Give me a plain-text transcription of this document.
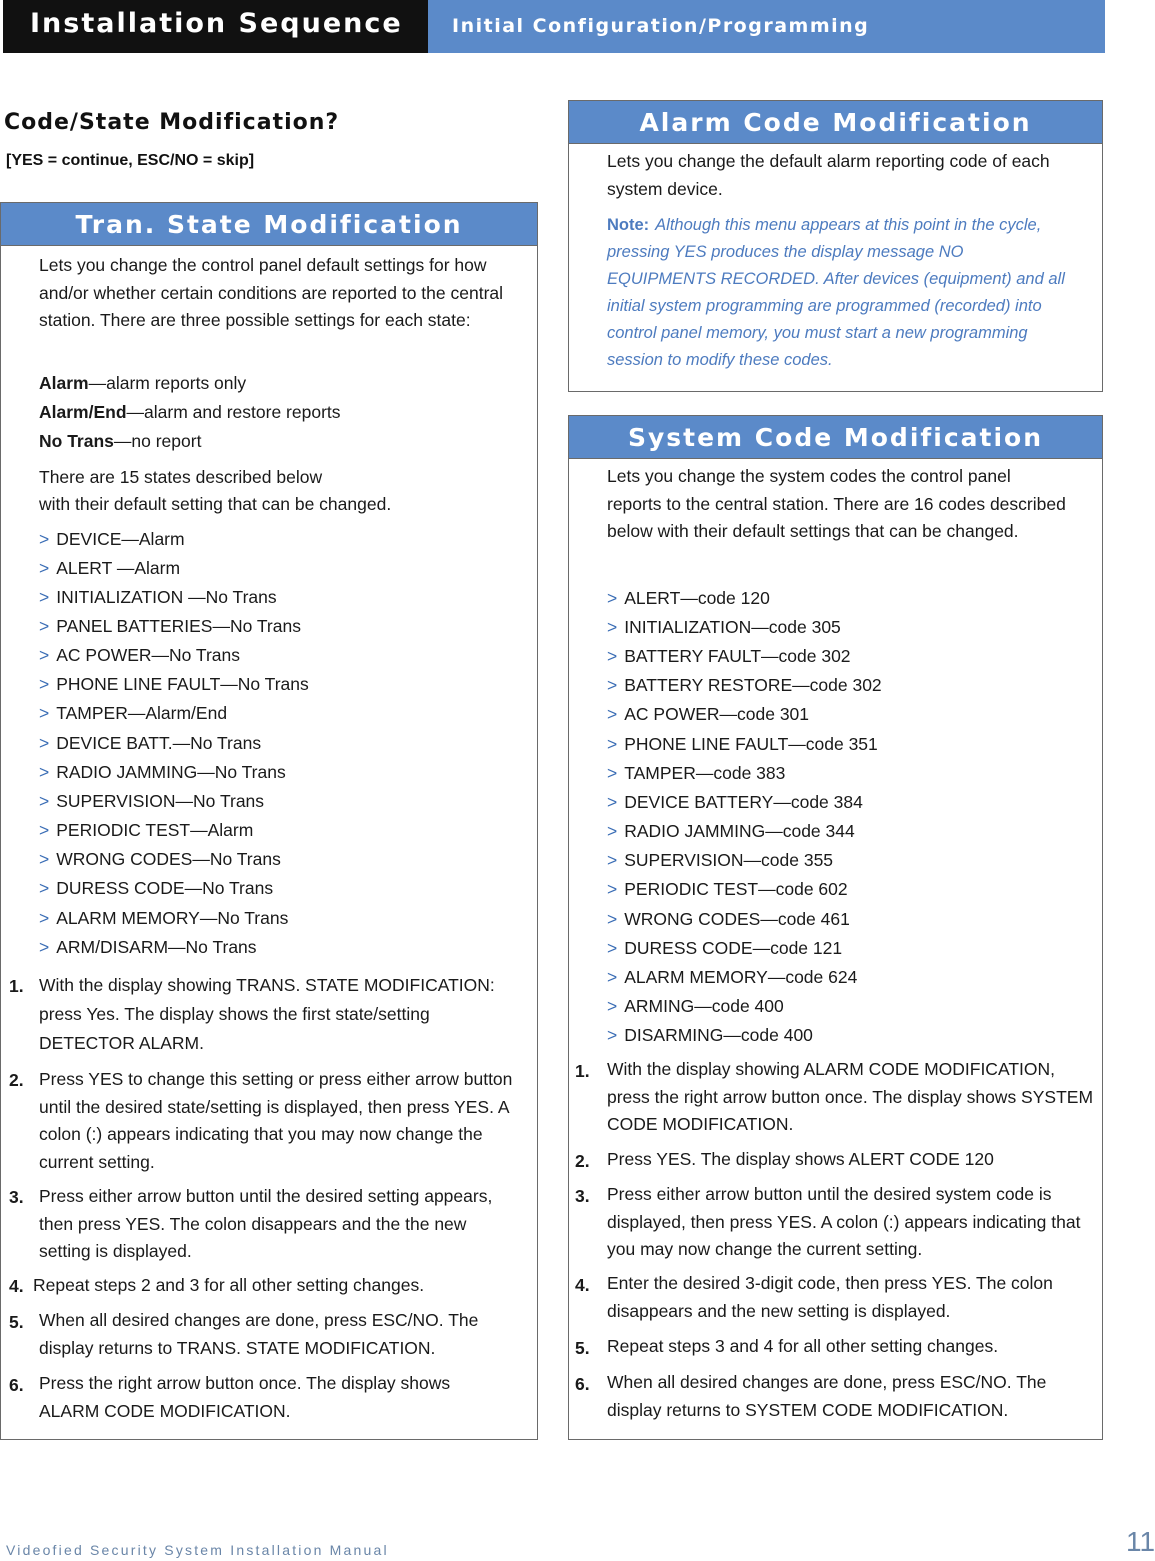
Installation Sequence	Initial Configuration/Programming
Code/State Modification?
[YES = continue, ESC/NO = skip]
Tran. State Modification
Lets you change the control panel default settings for how and/or whether certain conditions are reported to the central station. There are three possible settings for each state:
Alarm—alarm reports only
Alarm/End—alarm and restore reports
No Trans—no report
There are 15 states described below
with their default setting that can be changed.
> DEVICE—Alarm
> ALERT —Alarm
> INITIALIZATION —No Trans
> PANEL BATTERIES—No Trans
> AC POWER—No Trans
> PHONE LINE FAULT—No Trans
> TAMPER—Alarm/End
> DEVICE BATT.—No Trans
> RADIO JAMMING—No Trans
> SUPERVISION—No Trans
> PERIODIC TEST—Alarm
> WRONG CODES—No Trans
> DURESS CODE—No Trans
> ALARM MEMORY—No Trans
> ARM/DISARM—No Trans
1. With the display showing TRANS. STATE MODIFICATION: press Yes. The display shows the first state/setting DETECTOR ALARM.
2. Press YES to change this setting or press either arrow button until the desired state/setting is displayed, then press YES. A colon (:) appears indicating that you may now change the current setting.
3. Press either arrow button until the desired setting appears, then press YES. The colon disappears and the the new setting is displayed.
4. Repeat steps 2 and 3 for all other setting changes.
5. When all desired changes are done, press ESC/NO. The display returns to TRANS. STATE MODIFICATION.
6. Press the right arrow button once. The display shows ALARM CODE MODIFICATION.
Alarm Code Modification
Lets you change the default alarm reporting code of each system device.
Note: Although this menu appears at this point in the cycle, pressing YES produces the display message NO EQUIPMENTS RECORDED. After devices (equipment) and all initial system programming are programmed (recorded) into control panel memory, you must start a new programming session to modify these codes.
System Code Modification
Lets you change the system codes the control panel reports to the central station. There are 16 codes described below with their default settings that can be changed.
> ALERT—code 120
> INITIALIZATION—code 305
> BATTERY FAULT—code 302
> BATTERY RESTORE—code 302
> AC POWER—code 301
> PHONE LINE FAULT—code 351
> TAMPER—code 383
> DEVICE BATTERY—code 384
> RADIO JAMMING—code 344
> SUPERVISION—code 355
> PERIODIC TEST—code 602
> WRONG CODES—code 461
> DURESS CODE—code 121
> ALARM MEMORY—code 624
> ARMING—code 400
> DISARMING—code 400
1. With the display showing ALARM CODE MODIFICATION, press the right arrow button once. The display shows SYSTEM CODE MODIFICATION.
2. Press YES. The display shows ALERT CODE 120
3. Press either arrow button until the desired system code is displayed, then press YES. A colon (:) appears indicating that you may now change the current setting.
4. Enter the desired 3-digit code, then press YES. The colon disappears and the new setting is displayed.
5. Repeat steps 3 and 4 for all other setting changes.
6. When all desired changes are done, press ESC/NO. The display returns to SYSTEM CODE MODIFICATION.
Videofied Security System Installation Manual	11
